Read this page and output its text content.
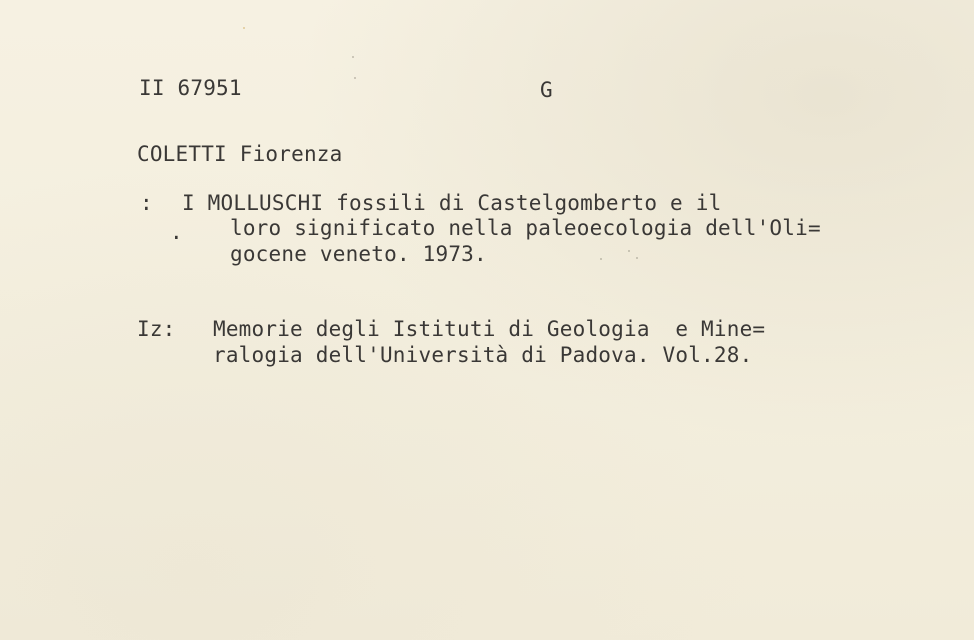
II 67951	G
COLETTI Fiorenza
: I MOLLUSCHI fossili di Castelgomberto e il
. loro significato nella paleoecologia dell'Oli=
gocene veneto. 1973.
Iz: Memorie degli Istituti di Geologia  e Mine=
ralogia dell'Università di Padova. Vol.28.
